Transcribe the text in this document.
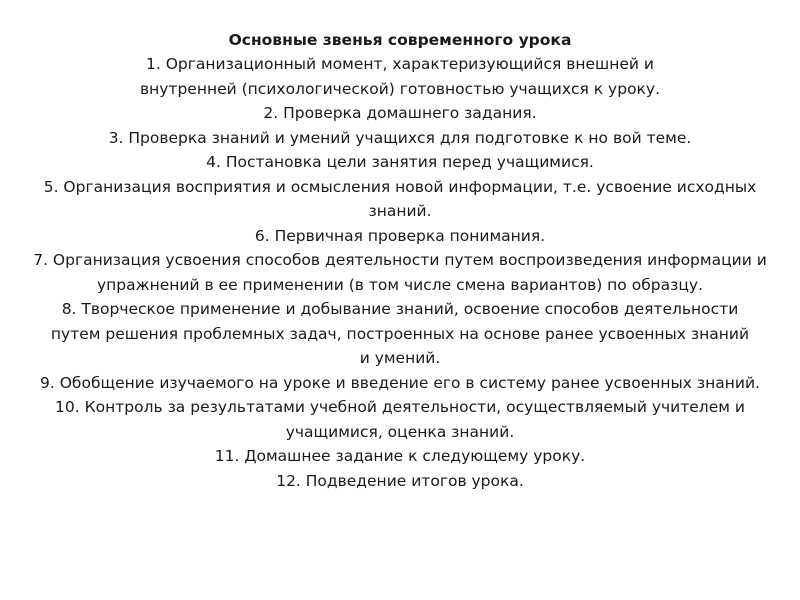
Основные звенья современного урока

1. Организационный момент, характеризующийся внешней и внутренней (психологической) готовностью учащихся к уроку.
2. Проверка домашнего задания.
3. Проверка знаний и умений учащихся для подготовке к но вой теме.
4. Постановка цели занятия перед учащимися.
5. Организация восприятия и осмысления новой информации, т.е. усвоение исходных знаний.
6. Первичная проверка понимания.
7. Организация усвоения способов деятельности путем воспроизведения информации и упражнений в ее применении (в том числе смена вариантов) по образцу.
8. Творческое применение и добывание знаний, освоение способов деятельности путем решения проблемных задач, построенных на основе ранее усвоенных знаний и умений.
9. Обобщение изучаемого на уроке и введение его в систему ранее усвоенных знаний.
10. Контроль за результатами учебной деятельности, осуществляемый учителем и учащимися, оценка знаний.
11. Домашнее задание к следующему уроку.
12. Подведение итогов урока.
